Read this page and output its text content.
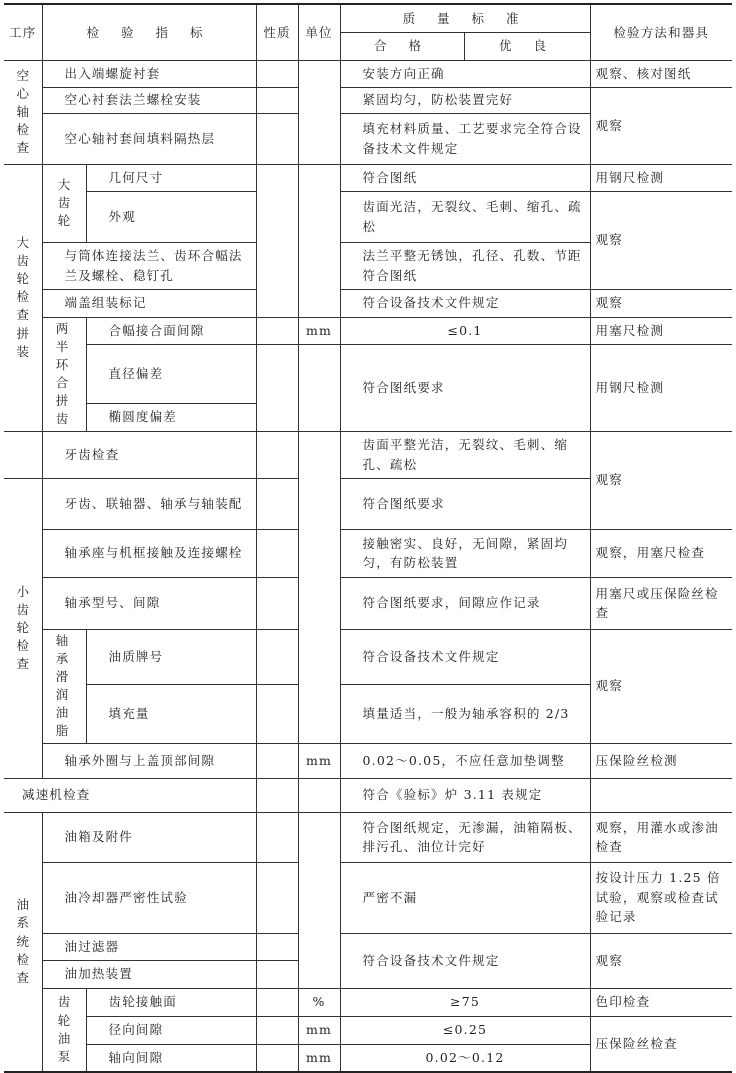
工序	检 验 指 标		性质	单位	质 量 标 准		检验方法和器具
					合 格	优 良	
空心轴检查	出入端螺旋衬套				安装方向正确		观察、核对图纸
	空心衬套法兰螺栓安装				紧固均匀，防松装置完好		观察
	空心轴衬套间填料隔热层				填充材料质量、工艺要求完全符合设备技术文件规定		
大齿轮检查拼装	大齿轮	几何尺寸			符合图纸		用钢尺检测
		外观			齿面光洁，无裂纹、毛刺、缩孔、疏松		观察
	与筒体连接法兰、齿环合幅法兰及螺栓、稳钉孔				法兰平整无锈蚀，孔径、孔数、节距符合图纸		
	端盖组装标记				符合设备技术文件规定		观察
	两半环合拼齿	合幅接合面间隙		mm	≤0.1		用塞尺检测
		直径偏差			符合图纸要求		用钢尺检测
		椭圆度偏差					
	牙齿检查				齿面平整光洁，无裂纹、毛刺、缩孔、疏松		观察
小齿轮检查	牙齿、联轴器、轴承与轴装配				符合图纸要求		
	轴承座与机框接触及连接螺栓				接触密实、良好，无间隙，紧固均匀，有防松装置		观察，用塞尺检查
	轴承型号、间隙				符合图纸要求，间隙应作记录		用塞尺或压保险丝检查
	轴承滑润油脂	油质牌号			符合设备技术文件规定		观察
		填充量			填量适当，一般为轴承容积的 2/3		
	轴承外圈与上盖顶部间隙			mm	0.02～0.05，不应任意加垫调整		压保险丝检测
减速机检查					符合《验标》炉 3.11 表规定		
油系统检查	油箱及附件				符合图纸规定，无渗漏，油箱隔板、排污孔、油位计完好		观察，用灌水或渗油检查
	油冷却器严密性试验				严密不漏		按设计压力 1.25 倍试验，观察或检查试验记录
	油过滤器				符合设备技术文件规定		观察
	油加热装置						
	齿轮油泵	齿轮接触面		%	≥75		色印检查
		径向间隙		mm	≤0.25		压保险丝检查
		轴向间隙		mm	0.02～0.12		
